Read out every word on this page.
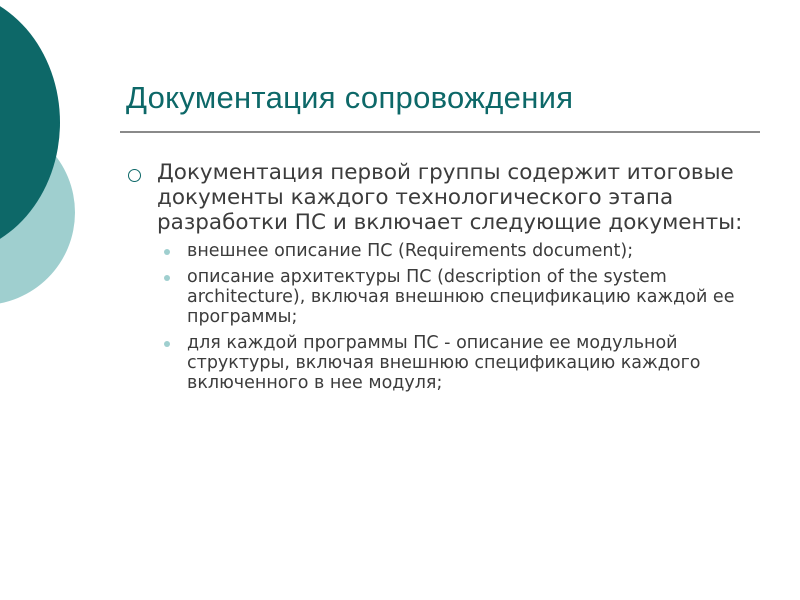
Документация сопровождения
Документация первой группы содержит итоговые документы каждого технологического этапа разработки ПС и включает следующие документы:
внешнее описание ПС (Requirements document);
описание архитектуры ПС (description of the system architecture), включая внешнюю спецификацию каждой ее программы;
для каждой программы ПС - описание ее модульной структуры, включая внешнюю спецификацию каждого включенного в нее модуля;
